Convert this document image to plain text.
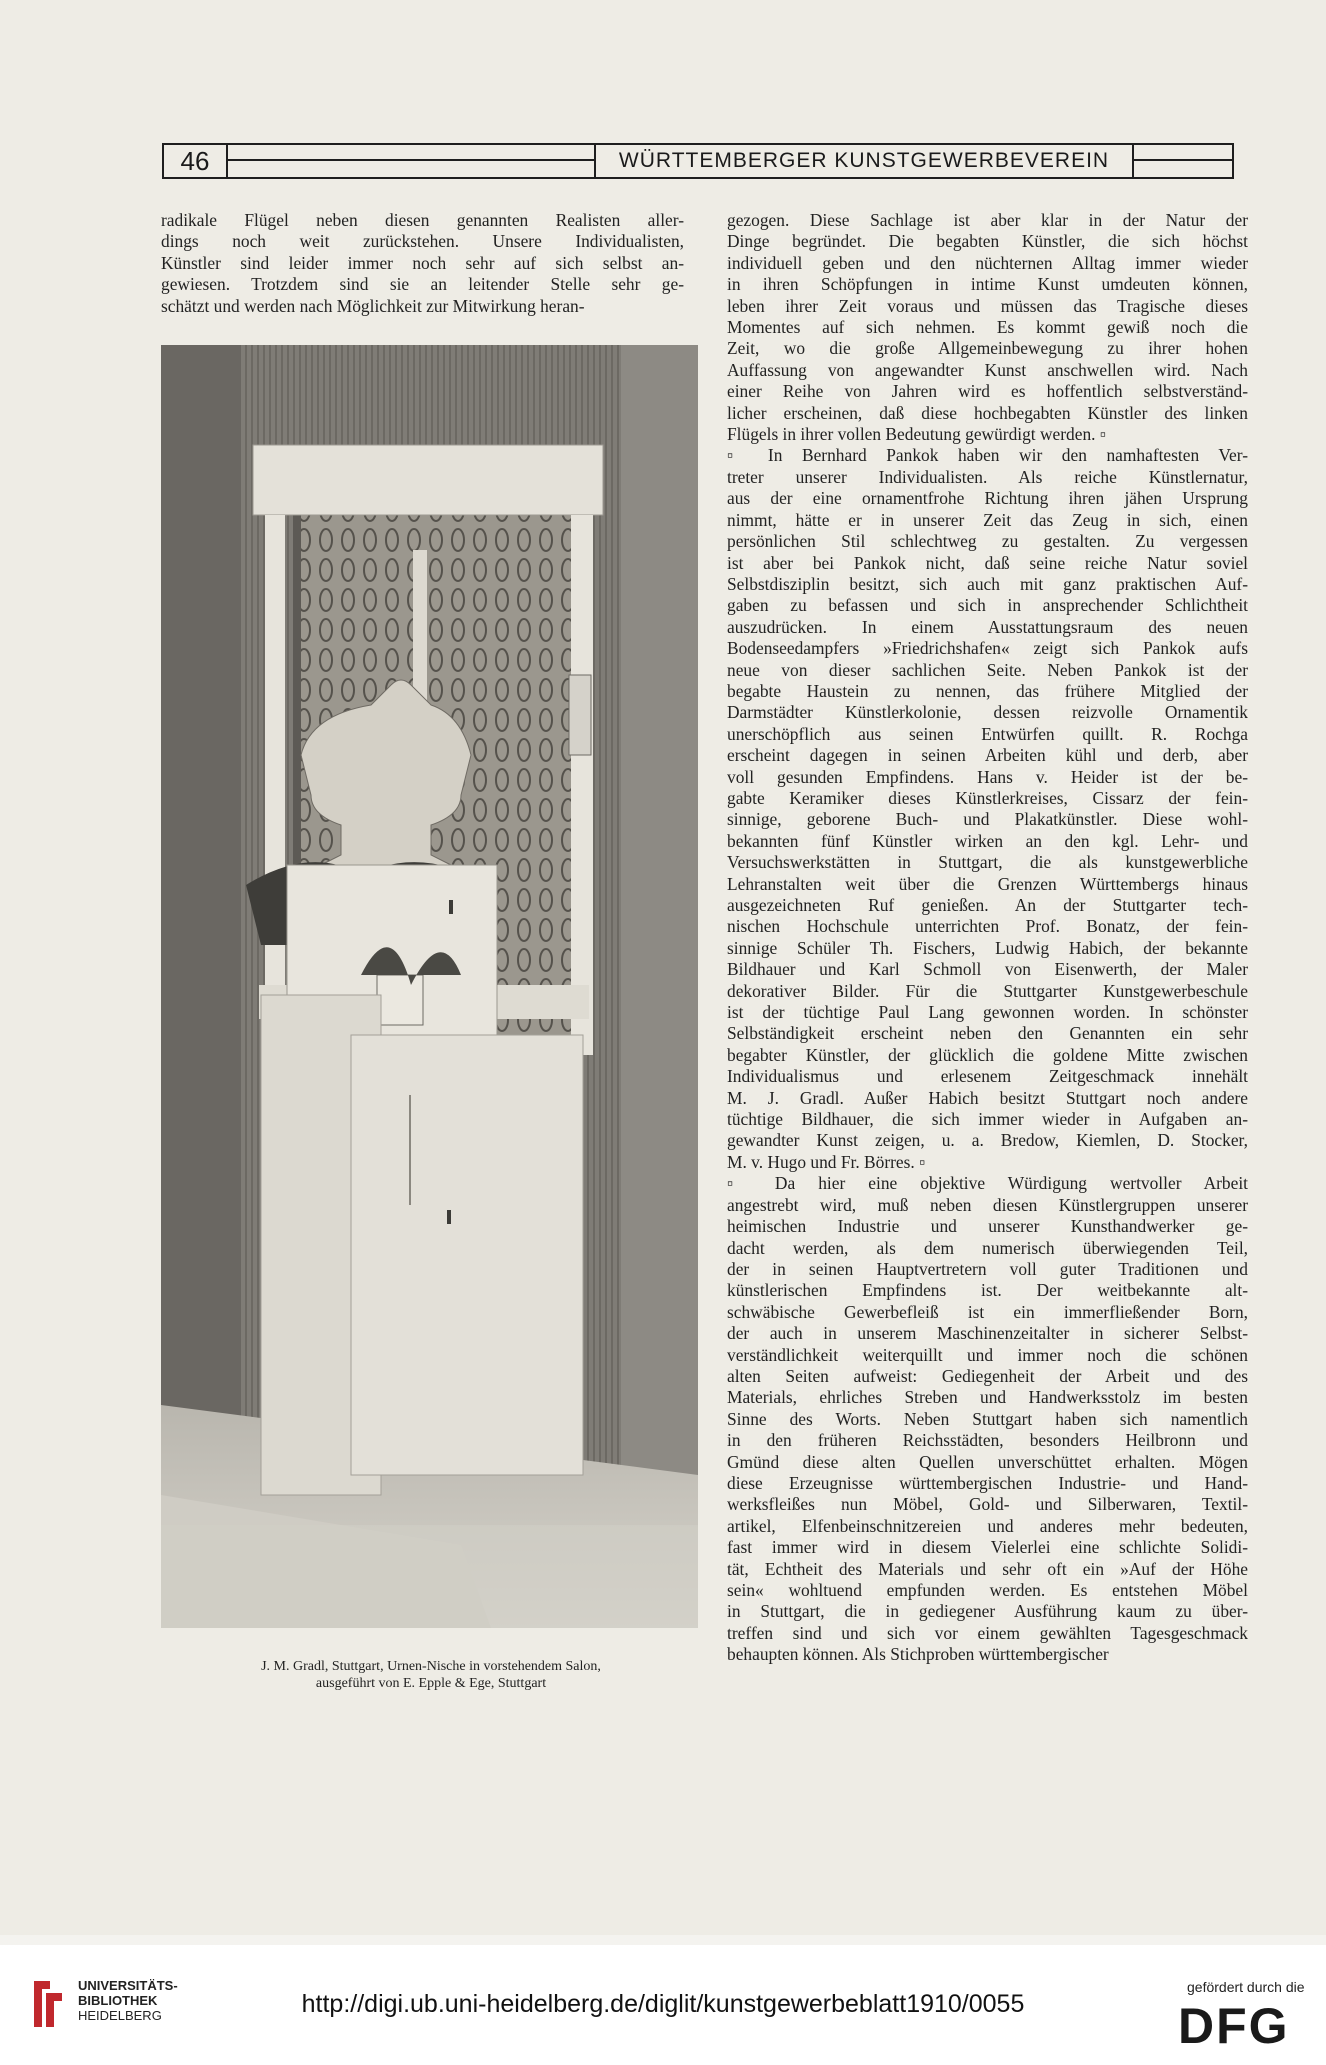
46	WÜRTTEMBERGER KUNSTGEWERBEVEREIN

radikale Flügel neben diesen genannten Realisten aller-

dings noch weit zurückstehen. Unsere Individualisten,

Künstler sind leider immer noch sehr auf sich selbst an-

gewiesen. Trotzdem sind sie an leitender Stelle sehr ge-

schätzt und werden nach Möglichkeit zur Mitwirkung heran-

gezogen. Diese Sachlage ist aber klar in der Natur der

Dinge begründet. Die begabten Künstler, die sich höchst

individuell geben und den nüchternen Alltag immer wieder

in ihren Schöpfungen in intime Kunst umdeuten können,

leben ihrer Zeit voraus und müssen das Tragische dieses

Momentes auf sich nehmen. Es kommt gewiß noch die

Zeit, wo die große Allgemeinbewegung zu ihrer hohen

Auffassung von angewandter Kunst anschwellen wird. Nach

einer Reihe von Jahren wird es hoffentlich selbstverständ-

licher erscheinen, daß diese hochbegabten Künstler des linken

Flügels in ihrer vollen Bedeutung gewürdigt werden. ▫

▫ In Bernhard Pankok haben wir den namhaftesten Ver-

treter unserer Individualisten. Als reiche Künstlernatur,

aus der eine ornamentfrohe Richtung ihren jähen Ursprung

nimmt, hätte er in unserer Zeit das Zeug in sich, einen

persönlichen Stil schlechtweg zu gestalten. Zu vergessen

ist aber bei Pankok nicht, daß seine reiche Natur soviel

Selbstdisziplin besitzt, sich auch mit ganz praktischen Auf-

gaben zu befassen und sich in ansprechender Schlichtheit

auszudrücken. In einem Ausstattungsraum des neuen

Bodenseedampfers »Friedrichshafen« zeigt sich Pankok aufs

neue von dieser sachlichen Seite. Neben Pankok ist der

begabte Haustein zu nennen, das frühere Mitglied der

Darmstädter Künstlerkolonie, dessen reizvolle Ornamentik

unerschöpflich aus seinen Entwürfen quillt. R. Rochga

erscheint dagegen in seinen Arbeiten kühl und derb, aber

voll gesunden Empfindens. Hans v. Heider ist der be-

gabte Keramiker dieses Künstlerkreises, Cissarz der fein-

sinnige, geborene Buch- und Plakatkünstler. Diese wohl-

bekannten fünf Künstler wirken an den kgl. Lehr- und

Versuchswerkstätten in Stuttgart, die als kunstgewerbliche

Lehranstalten weit über die Grenzen Württembergs hinaus

ausgezeichneten Ruf genießen. An der Stuttgarter tech-

nischen Hochschule unterrichten Prof. Bonatz, der fein-

sinnige Schüler Th. Fischers, Ludwig Habich, der bekannte

Bildhauer und Karl Schmoll von Eisenwerth, der Maler

dekorativer Bilder. Für die Stuttgarter Kunstgewerbeschule

ist der tüchtige Paul Lang gewonnen worden. In schönster

Selbständigkeit erscheint neben den Genannten ein sehr

begabter Künstler, der glücklich die goldene Mitte zwischen

Individualismus und erlesenem Zeitgeschmack innehält

M. J. Gradl. Außer Habich besitzt Stuttgart noch andere

tüchtige Bildhauer, die sich immer wieder in Aufgaben an-

gewandter Kunst zeigen, u. a. Bredow, Kiemlen, D. Stocker,

M. v. Hugo und Fr. Börres. ▫

▫ Da hier eine objektive Würdigung wertvoller Arbeit

angestrebt wird, muß neben diesen Künstlergruppen unserer

heimischen Industrie und unserer Kunsthandwerker ge-

dacht werden, als dem numerisch überwiegenden Teil,

der in seinen Hauptvertretern voll guter Traditionen und

künstlerischen Empfindens ist. Der weitbekannte alt-

schwäbische Gewerbefleiß ist ein immerfließender Born,

der auch in unserem Maschinenzeitalter in sicherer Selbst-

verständlichkeit weiterquillt und immer noch die schönen

alten Seiten aufweist: Gediegenheit der Arbeit und des

Materials, ehrliches Streben und Handwerksstolz im besten

Sinne des Worts. Neben Stuttgart haben sich namentlich

in den früheren Reichsstädten, besonders Heilbronn und

Gmünd diese alten Quellen unverschüttet erhalten. Mögen

diese Erzeugnisse württembergischen Industrie- und Hand-

werksfleißes nun Möbel, Gold- und Silberwaren, Textil-

artikel, Elfenbeinschnitzereien und anderes mehr bedeuten,

fast immer wird in diesem Vielerlei eine schlichte Solidi-

tät, Echtheit des Materials und sehr oft ein »Auf der Höhe

sein« wohltuend empfunden werden. Es entstehen Möbel

in Stuttgart, die in gediegener Ausführung kaum zu über-

treffen sind und sich vor einem gewählten Tagesgeschmack

behaupten können. Als Stichproben württembergischer

J. M. Gradl, Stuttgart, Urnen-Nische in vorstehendem Salon,
ausgeführt von E. Epple & Ege, Stuttgart
UNIVERSITÄTS-
BIBLIOTHEK
HEIDELBERG	http://digi.ub.uni-heidelberg.de/diglit/kunstgewerbeblatt1910/0055
gefördert durch die
DFG
